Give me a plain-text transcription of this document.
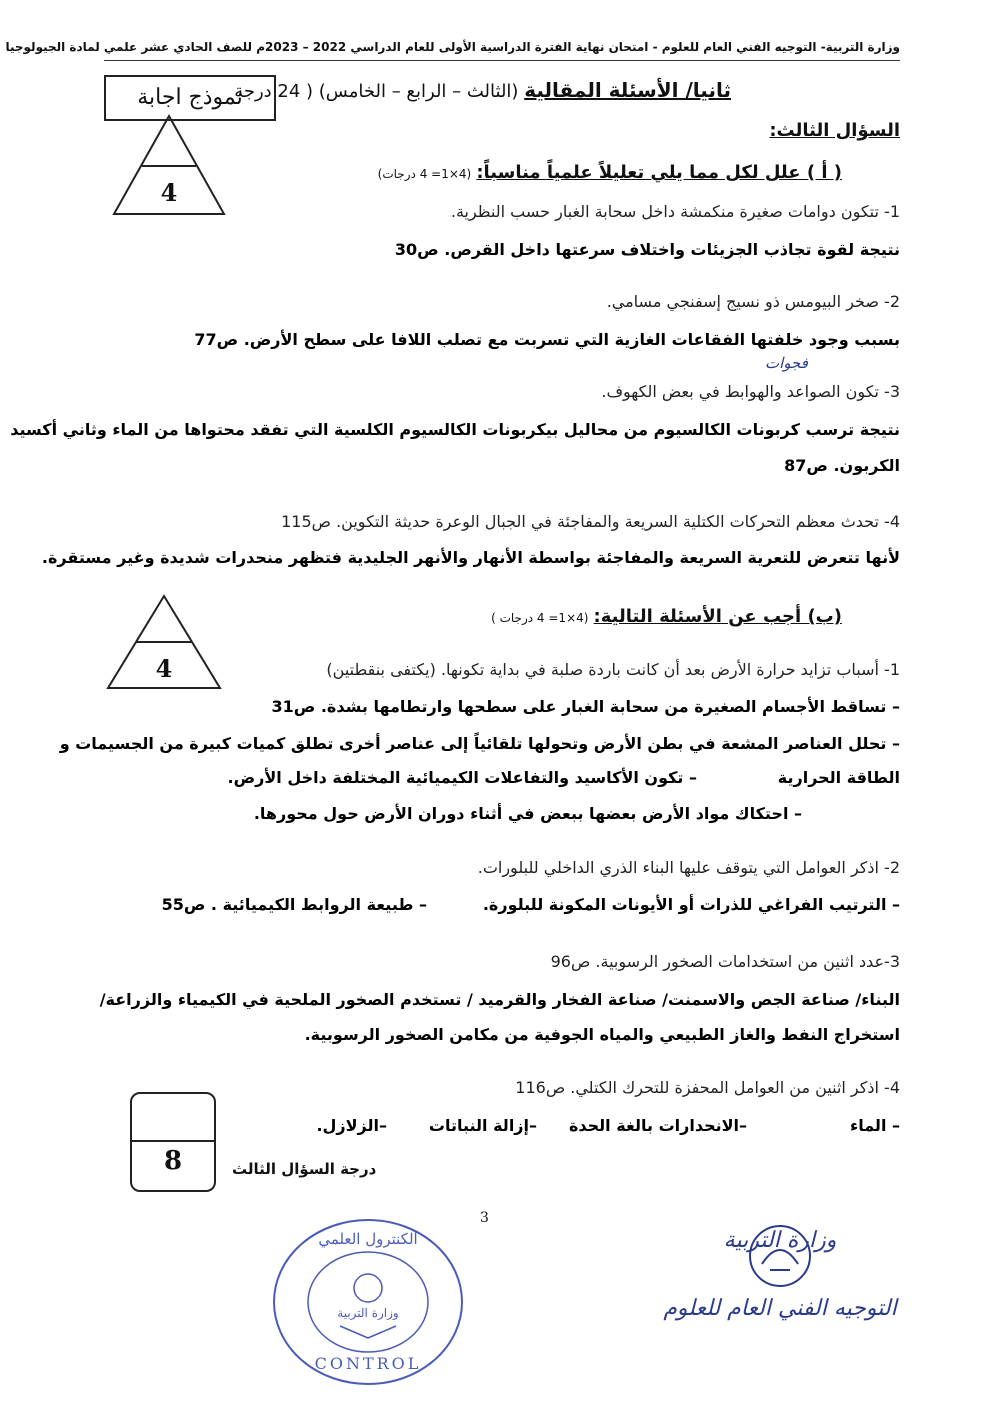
وزارة التربية- التوجيه الفني العام للعلوم - امتحان نهاية الفترة الدراسية الأولى للعام الدراسي 2022 – 2023م للصف الحادي عشر علمي لمادة الجيولوجيا
نموذج اجابة	ثانيا/ الأسئلة المقالية (الثالث – الرابع – الخامس) ( 24 درجة
السؤال الثالث:
4
( أ ) علل لكل مما يلي تعليلاً علمياً مناسباً: (4×1= 4 درجات)
1- تتكون دوامات صغيرة منكمشة داخل سحابة الغبار حسب النظرية.
نتيجة لقوة تجاذب الجزيئات واختلاف سرعتها داخل القرص. ص30
2- صخر البيومس ذو نسيج إسفنجي مسامي.
بسبب وجود خلفتها الفقاعات الغازية التي تسربت مع تصلب اللافا على سطح الأرض. ص77
فجوات
3- تكون الصواعد والهوابط في بعض الكهوف.
نتيجة ترسب كربونات الكالسيوم من محاليل بيكربونات الكالسيوم الكلسية التي تفقد محتواها من الماء وثاني أكسيد
الكربون. ص87
4- تحدث معظم التحركات الكتلية السريعة والمفاجئة في الجبال الوعرة حديثة التكوين. ص115
لأنها تتعرض للتعرية السريعة والمفاجئة بواسطة الأنهار والأنهر الجليدية فتظهر منحدرات شديدة وغير مستقرة.
4
(ب) أجب عن الأسئلة التالية: (4×1= 4 درجات )
1- أسباب تزايد حرارة الأرض بعد أن كانت باردة صلبة في بداية تكونها. (يكتفى بنقطتين)
– تساقط الأجسام الصغيرة من سحابة الغبار على سطحها وارتطامها بشدة. ص31
– تحلل العناصر المشعة في بطن الأرض وتحولها تلقائياً إلى عناصر أخرى تطلق كميات كبيرة من الجسيمات و
الطاقة الحرارية
– تكون الأكاسيد والتفاعلات الكيميائية المختلفة داخل الأرض.
– احتكاك مواد الأرض بعضها ببعض في أثناء دوران الأرض حول محورها.
2- اذكر العوامل التي يتوقف عليها البناء الذري الداخلي للبلورات.
– الترتيب الفراغي للذرات أو الأيونات المكونة للبلورة.
– طبيعة الروابط الكيميائية . ص55
3-عدد اثنين من استخدامات الصخور الرسوبية. ص96
البناء/ صناعة الجص والاسمنت/ صناعة الفخار والقرميد / تستخدم الصخور الملحية في الكيمياء والزراعة/
استخراج النفط والغاز الطبيعي والمياه الجوفية من مكامن الصخور الرسوبية.
4- اذكر اثنين من العوامل المحفزة للتحرك الكتلي. ص116
– الماء
–الانحدارات بالغة الحدة
–إزالة النباتات
–الزلازل.
8	درجة السؤال الثالث
3
الكنترول العلمي
وزارة التربية
CONTROL
وزارة التربية
التوجيه الفني العام للعلوم
